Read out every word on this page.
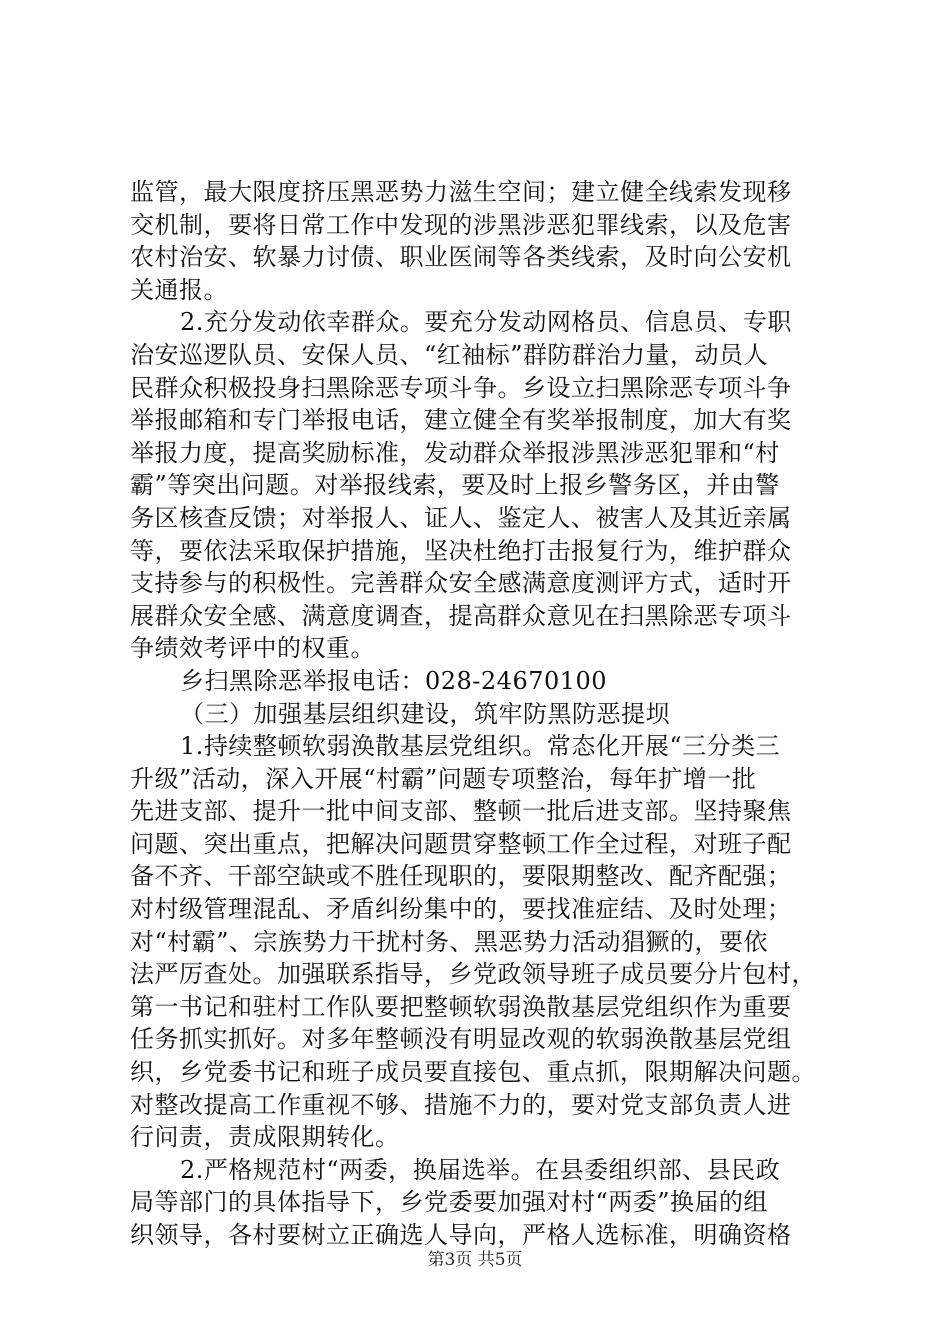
监管，最大限度挤压黑恶势力滋生空间；建立健全线索发现移
交机制，要将日常工作中发现的涉黑涉恶犯罪线索，以及危害
农村治安、软暴力讨债、职业医闹等各类线索，及时向公安机
关通报。
2.充分发动依幸群众。要充分发动网格员、信息员、专职
治安巡逻队员、安保人员、“红袖标”群防群治力量，动员人
民群众积极投身扫黑除恶专项斗争。乡设立扫黑除恶专项斗争
举报邮箱和专门举报电话，建立健全有奖举报制度，加大有奖
举报力度，提高奖励标准，发动群众举报涉黑涉恶犯罪和“村
霸”等突出问题。对举报线索，要及时上报乡警务区，并由警
务区核查反馈；对举报人、证人、鉴定人、被害人及其近亲属
等，要依法采取保护措施，坚决杜绝打击报复行为，维护群众
支持参与的积极性。完善群众安全感满意度测评方式，适时开
展群众安全感、满意度调查，提高群众意见在扫黑除恶专项斗
争绩效考评中的权重。
乡扫黑除恶举报电话：028-24670100
（三）加强基层组织建设，筑牢防黑防恶提坝
1.持续整顿软弱涣散基层党组织。常态化开展“三分类三
升级”活动，深入开展“村霸”问题专项整治，每年扩增一批
先进支部、提升一批中间支部、整顿一批后进支部。坚持聚焦
问题、突出重点，把解决问题贯穿整顿工作全过程，对班子配
备不齐、干部空缺或不胜任现职的，要限期整改、配齐配强；
对村级管理混乱、矛盾纠纷集中的，要找准症结、及时处理；
对“村霸”、宗族势力干扰村务、黑恶势力活动猖獗的，要依
法严厉查处。加强联系指导，乡党政领导班子成员要分片包村，
第一书记和驻村工作队要把整顿软弱涣散基层党组织作为重要
任务抓实抓好。对多年整顿没有明显改观的软弱涣散基层党组
织，乡党委书记和班子成员要直接包、重点抓，限期解决问题。
对整改提高工作重视不够、措施不力的，要对党支部负责人进
行问责，责成限期转化。
2.严格规范村“两委，换届选举。在县委组织部、县民政
局等部门的具体指导下，乡党委要加强对村“两委”换届的组
织领导，各村要树立正确选人导向，严格人选标准，明确资格
第3页 共5页
